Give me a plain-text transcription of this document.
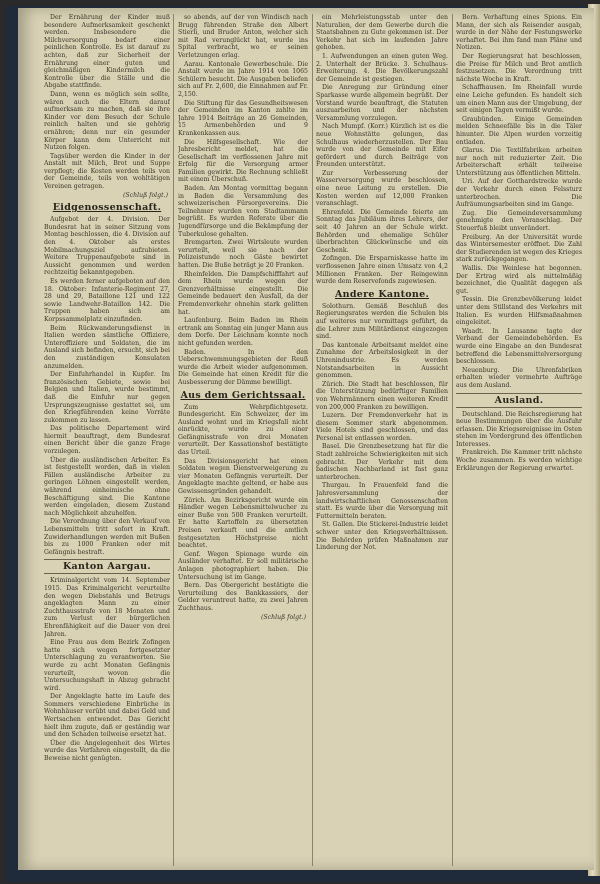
Der Ernährung der Kinder muß besondere Aufmerksamkeit geschenkt werden. Insbesondere die Milchversorgung bedarf einer peinlichen Kontrolle. Es ist darauf zu achten, daß zur Sicherheit der Ernährung einer guten und gleichmäßigen Kindermilch die Kontrolle über die Ställe und die Abgabe stattfinde.

Dann, wenn es möglich sein sollte, wären auch die Eltern darauf aufmerksam zu machen, daß sie ihre Kinder vor dem Besuch der Schule reinlich halten und sie gehörig ernähren; denn nur ein gesunder Körper kann dem Unterricht mit Nutzen folgen.

Tagsüber werden die Kinder in der Anstalt mit Milch, Brot und Suppe verpflegt; die Kosten werden teils von der Gemeinde, teils von wohltätigen Vereinen getragen.

(Schluß folgt.)
Eidgenossenschaft.

Aufgebot der 4. Division. Der Bundesrat hat in seiner Sitzung vom Montag beschlossen, die 4. Division auf den 4. Oktober als erstes Mobilmachungsziel aufzubieten. Weitere Truppenaufgebote sind in Aussicht genommen und werden rechtzeitig bekanntgegeben.

Es werden ferner aufgeboten auf den 18. Oktober: Infanterie-Regiment 27, 28 und 29, Bataillone 121 und 122 sowie Landwehr-Bataillon 142. Die Truppen haben sich am Korpssammelplatz einzufinden.

Beim Rückwanderungsdienst in Italien werden sämtliche Offiziere, Unteroffiziere und Soldaten, die im Ausland sich befinden, ersucht, sich bei den zuständigen Konsulaten anzumelden.

Der Einfuhrhandel in Kupfer. Im französischen Gebiete, sowie bei Belgien und Italien, wurde bestimmt, daß die Einfuhr nur gegen Ursprungszeugnisse gestattet sei, um den Kriegführenden keine Vorräte zukommen zu lassen.

Das politische Departement wird hiermit beauftragt, dem Bundesrat einen Bericht über die ganze Frage vorzulegen.

Über die ausländischen Arbeiter. Es ist festgestellt worden, daß in vielen Fällen ausländische Arbeiter zu geringen Löhnen eingestellt werden, während einheimische ohne Beschäftigung sind. Die Kantone werden eingeladen, diesem Zustand nach Möglichkeit abzuhelfen.

Die Verordnung über den Verkauf von Lebensmitteln tritt sofort in Kraft. Zuwiderhandlungen werden mit Bußen bis zu 1000 Franken oder mit Gefängnis bestraft.

Kanton Aargau.

Kriminalgericht vom 14. September 1915. Das Kriminalgericht verurteilte den wegen Diebstahls und Betrugs angeklagten Mann zu einer Zuchthausstrafe von 18 Monaten und zum Verlust der bürgerlichen Ehrenfähigkeit auf die Dauer von drei Jahren.

Eine Frau aus dem Bezirk Zofingen hatte sich wegen fortgesetzter Unterschlagung zu verantworten. Sie wurde zu acht Monaten Gefängnis verurteilt, wovon die Untersuchungshaft in Abzug gebracht wird.

Der Angeklagte hatte im Laufe des Sommers verschiedene Einbrüche in Wohnhäuser verübt und dabei Geld und Wertsachen entwendet. Das Gericht hielt ihm zugute, daß er geständig war und den Schaden teilweise ersetzt hat.

Über die Angelegenheit des Wirtes wurde das Verfahren eingestellt, da die Beweise nicht genügten.

so abends, auf der von Windisch nach Brugg führenden Straße den Albert Stierli, und Bruder Anton, welcher sich mit Rad verunglückt hat, wurde ins Spital verbracht, wo er seinen Verletzungen erlag.

Aarau. Kantonale Gewerbeschule. Die Anstalt wurde im Jahre 1914 von 1065 Schülern besucht. Die Ausgaben beliefen sich auf Fr. 2,600, die Einnahmen auf Fr. 2,150.

Die Stiftung für das Gesundheitswesen der Gemeinden im Kanton zahlte im Jahre 1914 Beiträge an 26 Gemeinden, 15 Armenbehörden und 9 Krankenkassen aus.

Die Hilfsgesellschaft. Wie der Jahresbericht meldet, hat die Gesellschaft im verflossenen Jahre mit Erfolg für die Versorgung armer Familien gewirkt. Die Rechnung schließt mit einem Überschuß.

Baden. Am Montag vormittag begann in Baden die Versammlung des schweizerischen Fürsorgevereins. Die Teilnehmer wurden vom Stadtammann begrüßt. Es wurden Referate über die Jugendfürsorge und die Bekämpfung der Tuberkulose gehalten.

Bremgarten. Zwei Wirtsleute wurden verurteilt, weil sie nach der Polizeistunde noch Gäste bewirtet hatten. Die Buße beträgt je 20 Franken.

Rheinfelden. Die Dampfschifffahrt auf dem Rhein wurde wegen der Grenzverhältnisse eingestellt. Die Gemeinde bedauert den Ausfall, da der Fremdenverkehr ohnehin stark gelitten hat.

Laufenburg. Beim Baden im Rhein ertrank am Sonntag ein junger Mann aus dem Dorfe. Der Leichnam konnte noch nicht gefunden werden.

Baden. In den Ueberschwemmungsgebieten der Reuß wurde die Arbeit wieder aufgenommen. Die Gemeinde hat einen Kredit für die Ausbesserung der Dämme bewilligt.

Aus dem Gerichtssaal.

Zum Wehrpflichtgesetz. Bundesgericht. Ein Schweizer, der im Ausland wohnt und im Kriegsfall nicht einrückte, wurde zu einer Gefängnisstrafe von drei Monaten verurteilt. Der Kassationshof bestätigte das Urteil.

Das Divisionsgericht hat einen Soldaten wegen Dienstverweigerung zu vier Monaten Gefängnis verurteilt. Der Angeklagte machte geltend, er habe aus Gewissensgründen gehandelt.

Zürich. Am Bezirksgericht wurde ein Händler wegen Lebensmittelwucher zu einer Buße von 500 Franken verurteilt. Er hatte Kartoffeln zu übersetzten Preisen verkauft und die amtlich festgesetzten Höchstpreise nicht beachtet.

Genf. Wegen Spionage wurde ein Ausländer verhaftet. Er soll militärische Anlagen photographiert haben. Die Untersuchung ist im Gange.

Bern. Das Obergericht bestätigte die Verurteilung des Bankkassiers, der Gelder veruntreut hatte, zu zwei Jahren Zuchthaus.

(Schluß folgt.)

ein Mehrleistungsstab unter den Naturalien, der dem Gewerbe durch die Staatsbahnen zu Gute gekommen ist. Der Verkehr hat sich im laufenden Jahre gehoben.

1. Aufwendungen an einen guten Weg. 2. Unterhalt der Brücke. 3. Schulhaus-Erweiterung. 4. Die Bevölkerungszahl der Gemeinde ist gestiegen.

Die Anregung zur Gründung einer Sparkasse wurde allgemein begrüßt. Der Vorstand wurde beauftragt, die Statuten auszuarbeiten und der nächsten Versammlung vorzulegen.

Nach Mumpf. (Korr.) Kürzlich ist es die neue Wohnstätte gelungen, das Schulhaus wiederherzustellen. Der Bau wurde von der Gemeinde mit Eifer gefördert und durch Beiträge von Freunden unterstützt.

Zur Verbesserung der Wasserversorgung wurde beschlossen, eine neue Leitung zu erstellen. Die Kosten werden auf 12,000 Franken veranschlagt.

Ehrenfeld. Die Gemeinde feierte am Sonntag das Jubiläum ihres Lehrers, der seit 40 Jahren an der Schule wirkt. Behörden und ehemalige Schüler überbrachten Glückwünsche und ein Geschenk.

Zofingen. Die Ersparniskasse hatte im verflossenen Jahre einen Umsatz von 4,2 Millionen Franken. Der Reingewinn wurde dem Reservefonds zugewiesen.

Andere Kantone.

Solothurn. Gemäß Beschluß des Regierungsrates werden die Schulen bis auf weiteres nur vormittags geführt, da die Lehrer zum Militärdienst eingezogen sind.

Das kantonale Arbeitsamt meldet eine Zunahme der Arbeitslosigkeit in der Uhrenindustrie. Es werden Notstandsarbeiten in Aussicht genommen.

Zürich. Die Stadt hat beschlossen, für die Unterstützung bedürftiger Familien von Wehrmännern einen weiteren Kredit von 200,000 Franken zu bewilligen.

Luzern. Der Fremdenverkehr hat in diesem Sommer stark abgenommen. Viele Hotels sind geschlossen, und das Personal ist entlassen worden.

Basel. Die Grenzbesetzung hat für die Stadt zahlreiche Schwierigkeiten mit sich gebracht. Der Verkehr mit dem badischen Nachbarland ist fast ganz unterbrochen.

Thurgau. In Frauenfeld fand die Jahresversammlung der landwirtschaftlichen Genossenschaften statt. Es wurde über die Versorgung mit Futtermitteln beraten.

St. Gallen. Die Stickerei-Industrie leidet schwer unter den Kriegsverhältnissen. Die Behörden prüfen Maßnahmen zur Linderung der Not.

Bern. Verhaftung eines Spions. Ein Mann, der sich als Reisender ausgab, wurde in der Nähe der Festungswerke verhaftet. Bei ihm fand man Pläne und Notizen.

Der Regierungsrat hat beschlossen, die Preise für Milch und Brot amtlich festzusetzen. Die Verordnung tritt nächste Woche in Kraft.

Schaffhausen. Im Rheinfall wurde eine Leiche gefunden. Es handelt sich um einen Mann aus der Umgebung, der seit einigen Tagen vermißt wurde.

Graubünden. Einige Gemeinden melden Schneefälle bis in die Täler hinunter. Die Alpen wurden vorzeitig entladen.

Glarus. Die Textilfabriken arbeiten nur noch mit reduzierter Zeit. Die Arbeiterschaft erhält teilweise Unterstützung aus öffentlichen Mitteln.

Uri. Auf der Gotthardstrecke wurde der Verkehr durch einen Felssturz unterbrochen. Die Aufräumungsarbeiten sind im Gange.

Zug. Die Gemeindeversammlung genehmigte den Voranschlag. Der Steuerfuß bleibt unverändert.

Freiburg. An der Universität wurde das Wintersemester eröffnet. Die Zahl der Studierenden ist wegen des Krieges stark zurückgegangen.

Wallis. Die Weinlese hat begonnen. Der Ertrag wird als mittelmäßig bezeichnet, die Qualität dagegen als gut.

Tessin. Die Grenzbevölkerung leidet unter dem Stillstand des Verkehrs mit Italien. Es wurden Hilfsmaßnahmen eingeleitet.

Waadt. In Lausanne tagte der Verband der Gemeindebehörden. Es wurde eine Eingabe an den Bundesrat betreffend die Lebensmittelversorgung beschlossen.

Neuenburg. Die Uhrenfabriken erhalten wieder vermehrte Aufträge aus dem Ausland.

Ausland.

Deutschland. Die Reichsregierung hat neue Bestimmungen über die Ausfuhr erlassen. Die Kriegsereignisse im Osten stehen im Vordergrund des öffentlichen Interesses.

Frankreich. Die Kammer tritt nächste Woche zusammen. Es werden wichtige Erklärungen der Regierung erwartet.
